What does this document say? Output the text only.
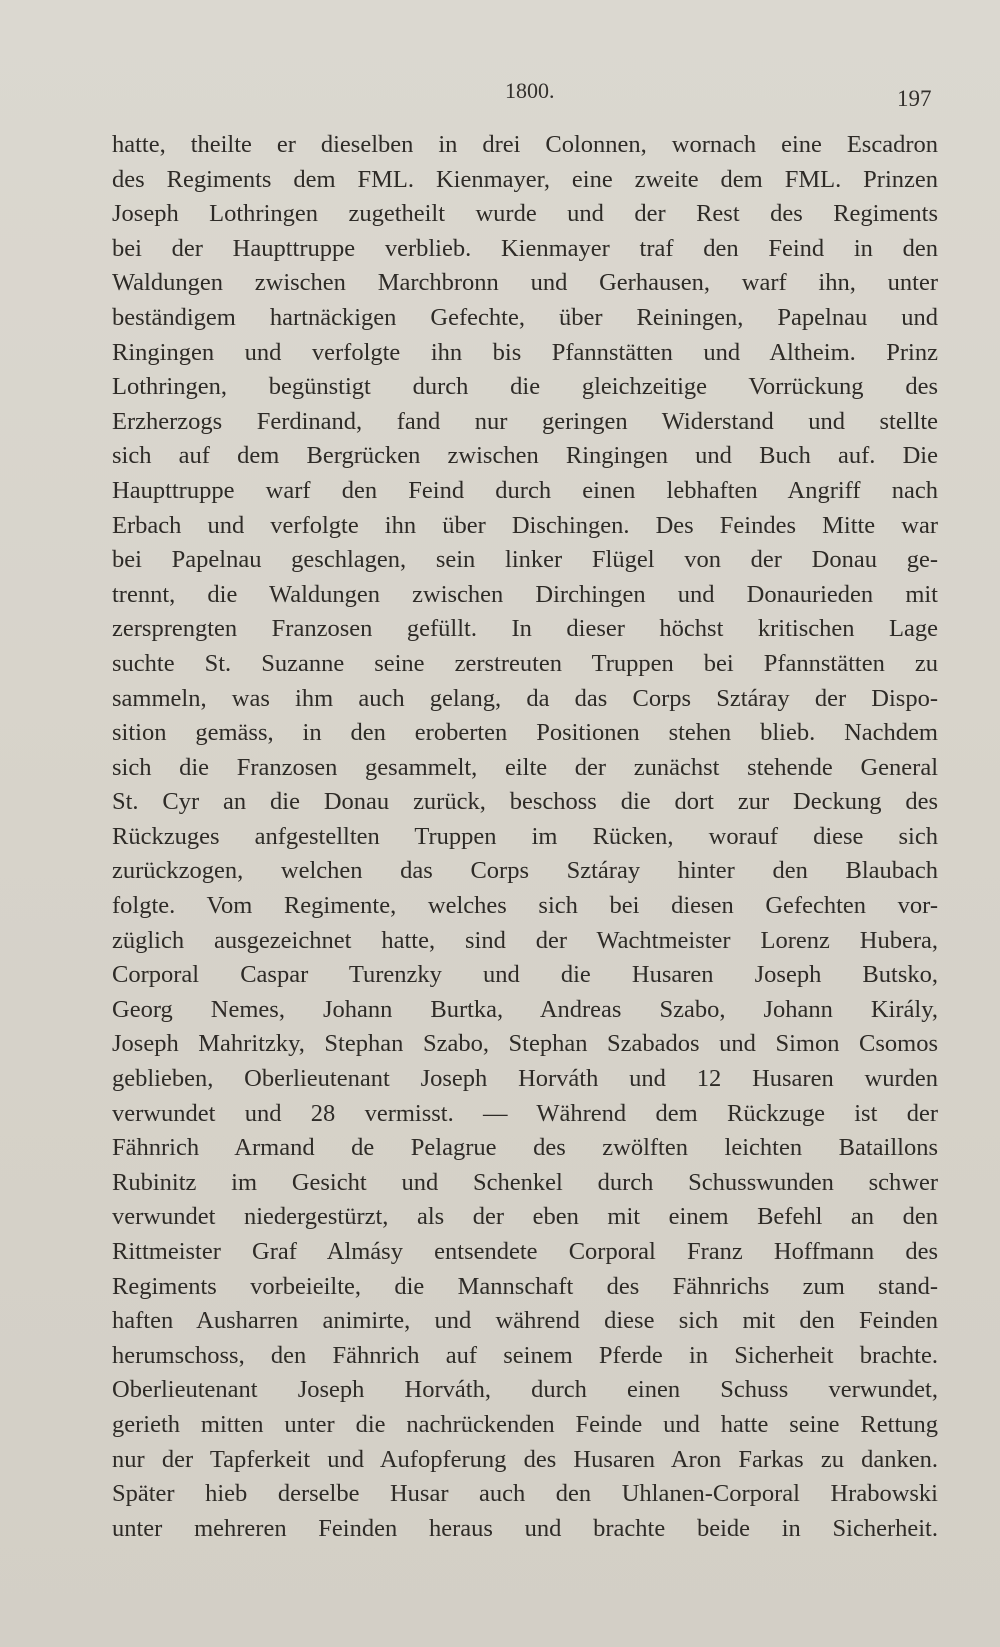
1800.	197
hatte, theilte er dieselben in drei Colonnen, wornach eine Escadron
des Regiments dem FML. Kienmayer, eine zweite dem FML. Prinzen
Joseph Lothringen zugetheilt wurde und der Rest des Regiments
bei der Haupttruppe verblieb. Kienmayer traf den Feind in den
Waldungen zwischen Marchbronn und Gerhausen, warf ihn, unter
beständigem hartnäckigen Gefechte, über Reiningen, Papelnau und
Ringingen und verfolgte ihn bis Pfannstätten und Altheim. Prinz
Lothringen, begünstigt durch die gleichzeitige Vorrückung des
Erzherzogs Ferdinand, fand nur geringen Widerstand und stellte
sich auf dem Bergrücken zwischen Ringingen und Buch auf. Die
Haupttruppe warf den Feind durch einen lebhaften Angriff nach
Erbach und verfolgte ihn über Dischingen. Des Feindes Mitte war
bei Papelnau geschlagen, sein linker Flügel von der Donau ge-
trennt, die Waldungen zwischen Dirchingen und Donaurieden mit
zersprengten Franzosen gefüllt. In dieser höchst kritischen Lage
suchte St. Suzanne seine zerstreuten Truppen bei Pfannstätten zu
sammeln, was ihm auch gelang, da das Corps Sztáray der Dispo-
sition gemäss, in den eroberten Positionen stehen blieb. Nachdem
sich die Franzosen gesammelt, eilte der zunächst stehende General
St. Cyr an die Donau zurück, beschoss die dort zur Deckung des
Rückzuges anfgestellten Truppen im Rücken, worauf diese sich
zurückzogen, welchen das Corps Sztáray hinter den Blaubach
folgte. Vom Regimente, welches sich bei diesen Gefechten vor-
züglich ausgezeichnet hatte, sind der Wachtmeister Lorenz Hubera,
Corporal Caspar Turenzky und die Husaren Joseph Butsko,
Georg Nemes, Johann Burtka, Andreas Szabo, Johann Király,
Joseph Mahritzky, Stephan Szabo, Stephan Szabados und Simon Csomos
geblieben, Oberlieutenant Joseph Horváth und 12 Husaren wurden
verwundet und 28 vermisst. — Während dem Rückzuge ist der
Fähnrich Armand de Pelagrue des zwölften leichten Bataillons
Rubinitz im Gesicht und Schenkel durch Schusswunden schwer
verwundet niedergestürzt, als der eben mit einem Befehl an den
Rittmeister Graf Almásy entsendete Corporal Franz Hoffmann des
Regiments vorbeieilte, die Mannschaft des Fähnrichs zum stand-
haften Ausharren animirte, und während diese sich mit den Feinden
herumschoss, den Fähnrich auf seinem Pferde in Sicherheit brachte.
Oberlieutenant Joseph Horváth, durch einen Schuss verwundet,
gerieth mitten unter die nachrückenden Feinde und hatte seine Rettung
nur der Tapferkeit und Aufopferung des Husaren Aron Farkas zu danken.
Später hieb derselbe Husar auch den Uhlanen-Corporal Hrabowski
unter mehreren Feinden heraus und brachte beide in Sicherheit.
